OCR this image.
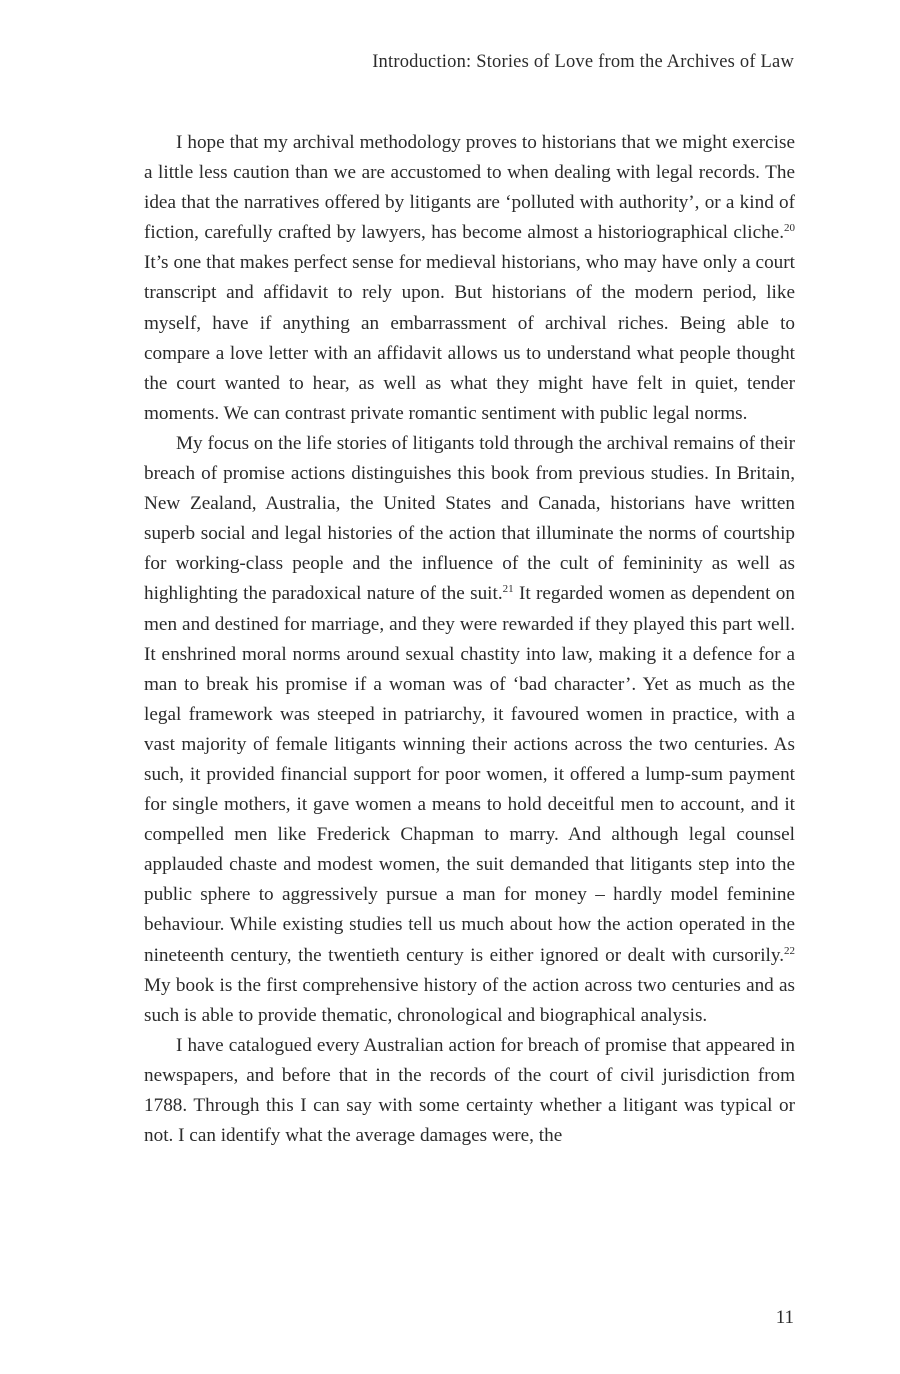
Introduction: Stories of Love from the Archives of Law

I hope that my archival methodology proves to historians that we might exercise a little less caution than we are accustomed to when dealing with legal records. The idea that the narratives offered by litigants are ‘polluted with authority’, or a kind of fiction, carefully crafted by lawyers, has become almost a historiographical cliche.$^{20}$ It’s one that makes perfect sense for medieval historians, who may have only a court transcript and affidavit to rely upon. But historians of the modern period, like myself, have if anything an embarrassment of archival riches. Being able to compare a love letter with an affidavit allows us to understand what people thought the court wanted to hear, as well as what they might have felt in quiet, tender moments. We can contrast private romantic sentiment with public legal norms.

My focus on the life stories of litigants told through the archival remains of their breach of promise actions distinguishes this book from previous studies. In Britain, New Zealand, Australia, the United States and Canada, historians have written superb social and legal histories of the action that illuminate the norms of courtship for working-class people and the influence of the cult of femininity as well as highlighting the paradoxical nature of the suit.$^{21}$ It regarded women as dependent on men and destined for marriage, and they were rewarded if they played this part well. It enshrined moral norms around sexual chastity into law, making it a defence for a man to break his promise if a woman was of ‘bad character’. Yet as much as the legal framework was steeped in patriarchy, it favoured women in practice, with a vast majority of female litigants winning their actions across the two centuries. As such, it provided financial support for poor women, it offered a lump-sum payment for single mothers, it gave women a means to hold deceitful men to account, and it compelled men like Frederick Chapman to marry. And although legal counsel applauded chaste and modest women, the suit demanded that litigants step into the public sphere to aggressively pursue a man for money – hardly model feminine behaviour. While existing studies tell us much about how the action operated in the nineteenth century, the twentieth century is either ignored or dealt with cursorily.$^{22}$ My book is the first comprehensive history of the action across two centuries and as such is able to provide thematic, chronological and biographical analysis.

I have catalogued every Australian action for breach of promise that appeared in newspapers, and before that in the records of the court of civil jurisdiction from 1788. Through this I can say with some certainty whether a litigant was typical or not. I can identify what the average damages were, the

11
